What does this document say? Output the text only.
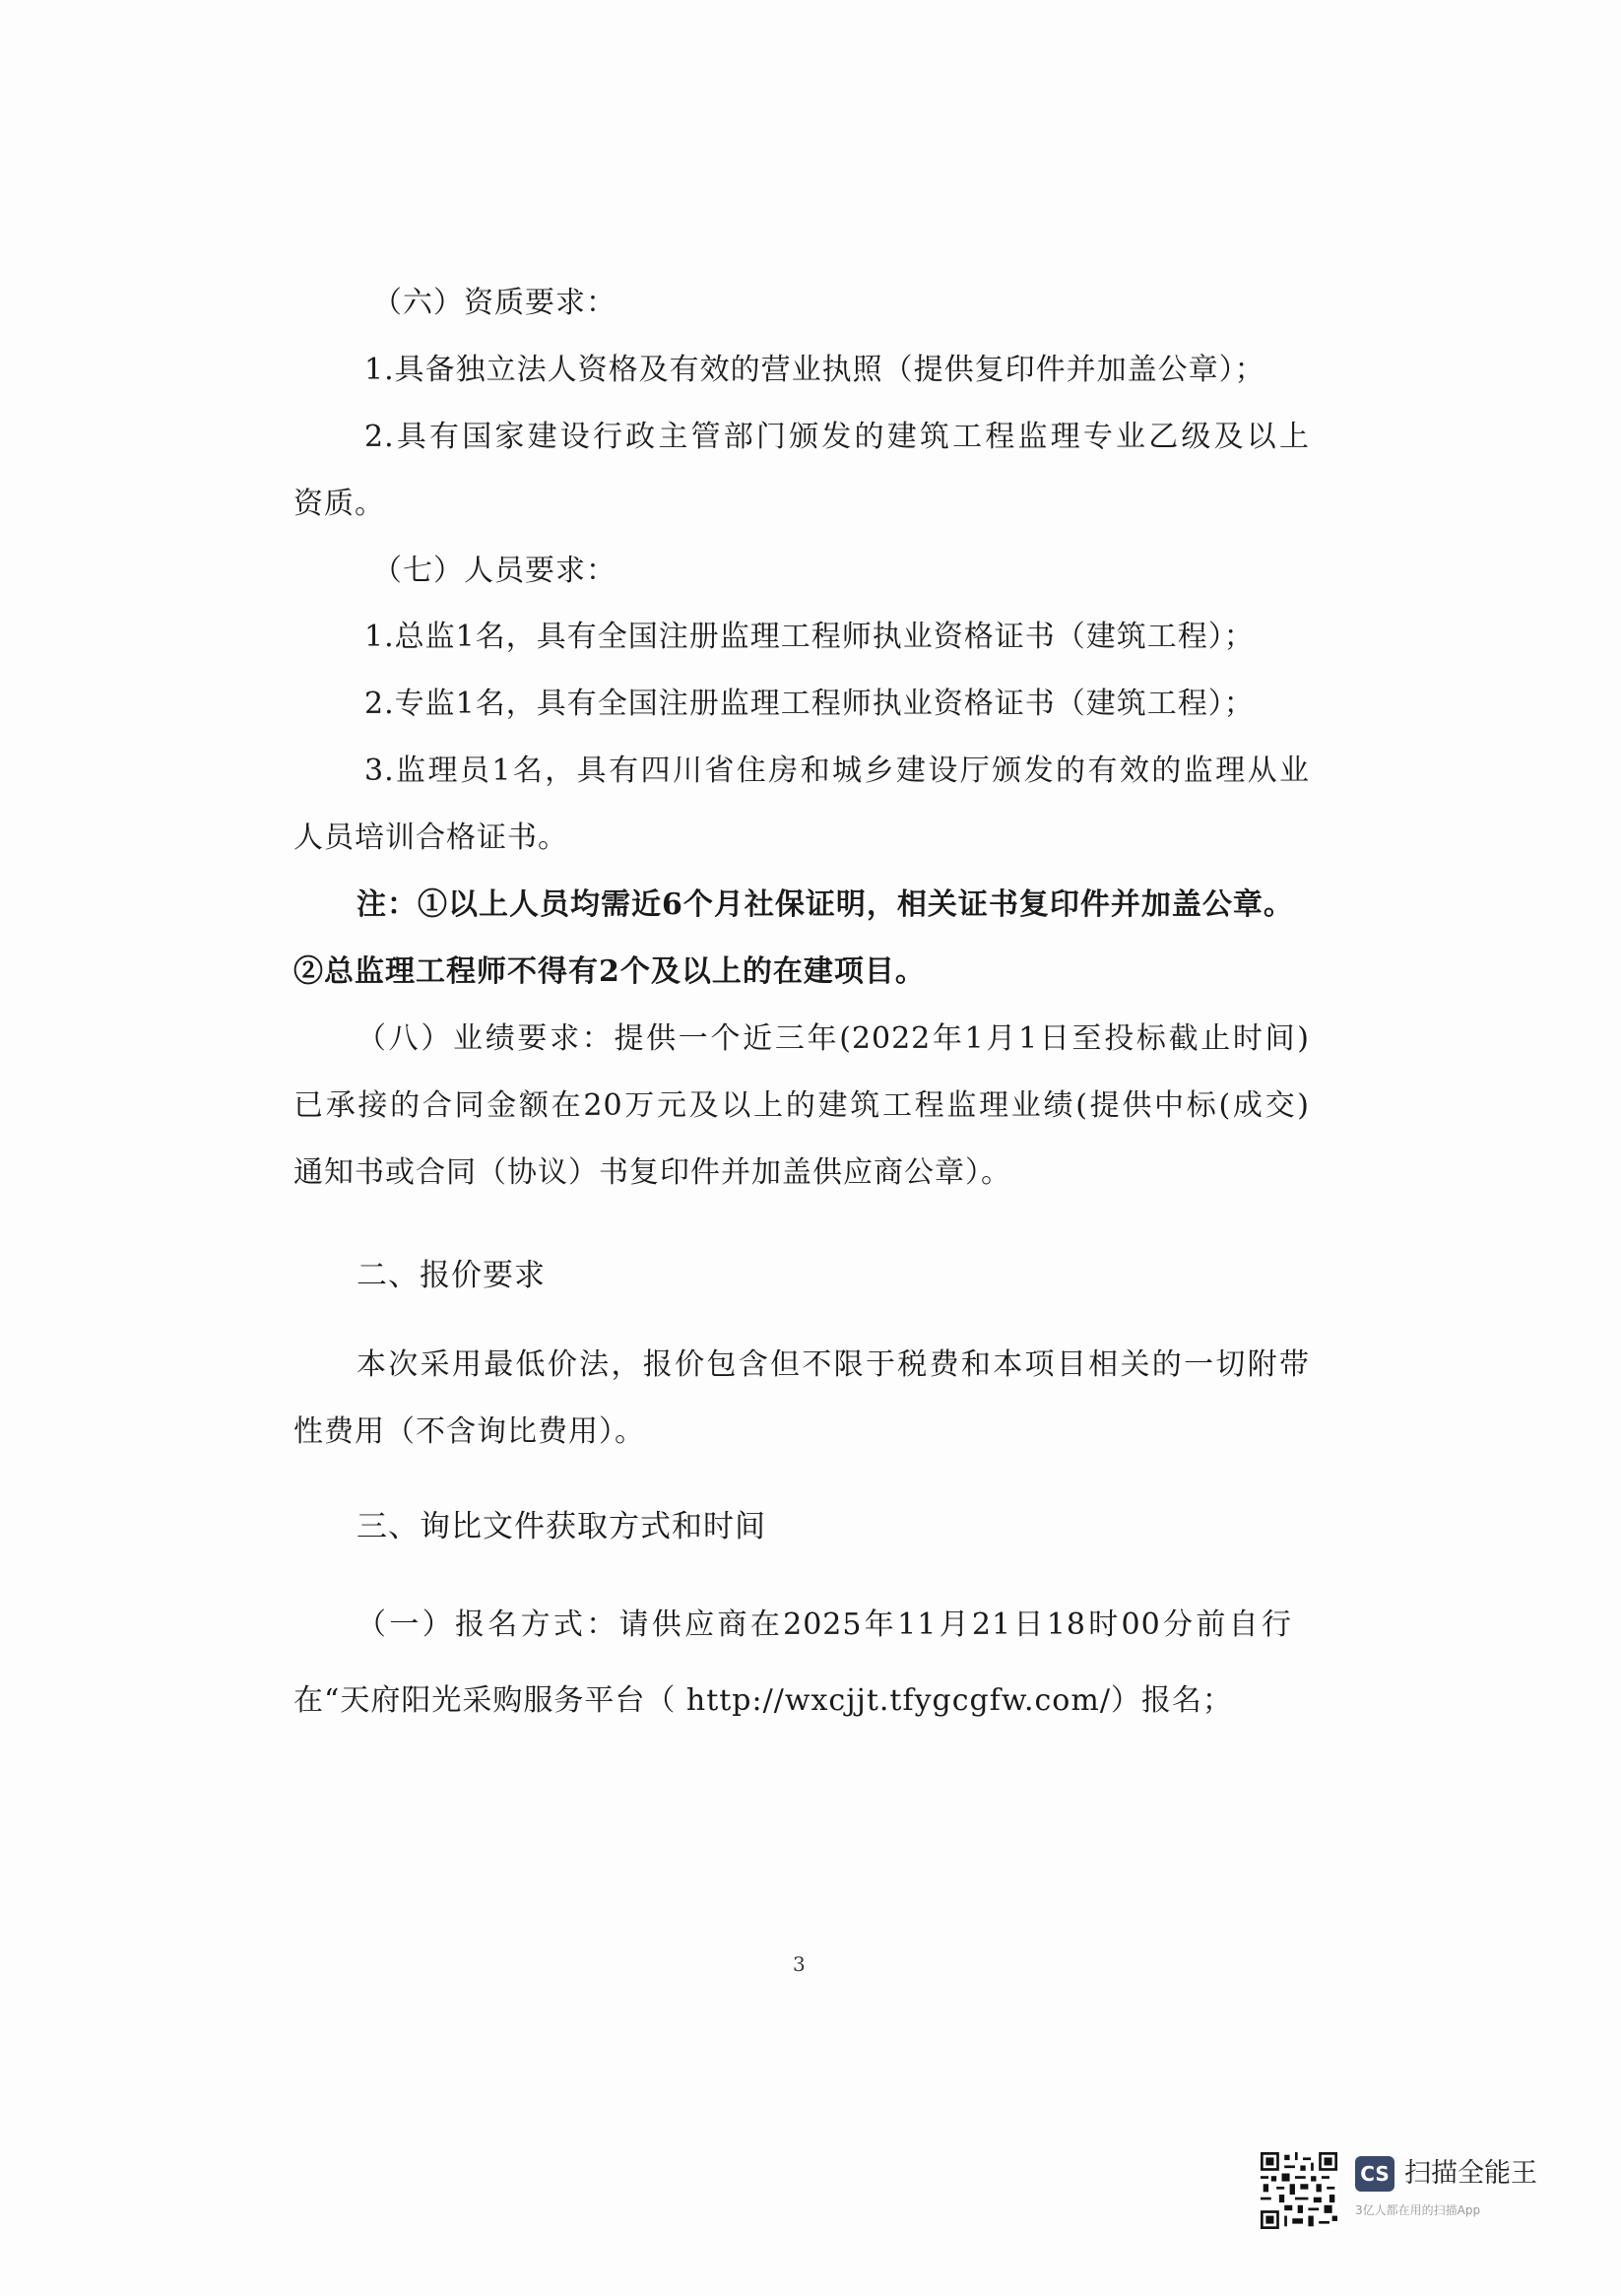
（六）资质要求：
1.具备独立法人资格及有效的营业执照（提供复印件并加盖公章）；
2.具有国家建设行政主管部门颁发的建筑工程监理专业乙级及以上
资质。
（七）人员要求：
1.总监1名，具有全国注册监理工程师执业资格证书（建筑工程）；
2.专监1名，具有全国注册监理工程师执业资格证书（建筑工程）；
3.监理员1名，具有四川省住房和城乡建设厅颁发的有效的监理从业
人员培训合格证书。
注：①以上人员均需近6个月社保证明，相关证书复印件并加盖公章。
②总监理工程师不得有2个及以上的在建项目。
（八）业绩要求：提供一个近三年(2022年1月1日至投标截止时间)
已承接的合同金额在20万元及以上的建筑工程监理业绩(提供中标(成交)
通知书或合同（协议）书复印件并加盖供应商公章）。
二、报价要求
本次采用最低价法，报价包含但不限于税费和本项目相关的一切附带
性费用（不含询比费用）。
三、询比文件获取方式和时间
（一）报名方式：请供应商在2025年11月21日18时00分前自行
在“天府阳光采购服务平台（ http://wxcjjt.tfygcgfw.com/）报名；
3
CS 扫描全能王
3亿人都在用的扫描App
